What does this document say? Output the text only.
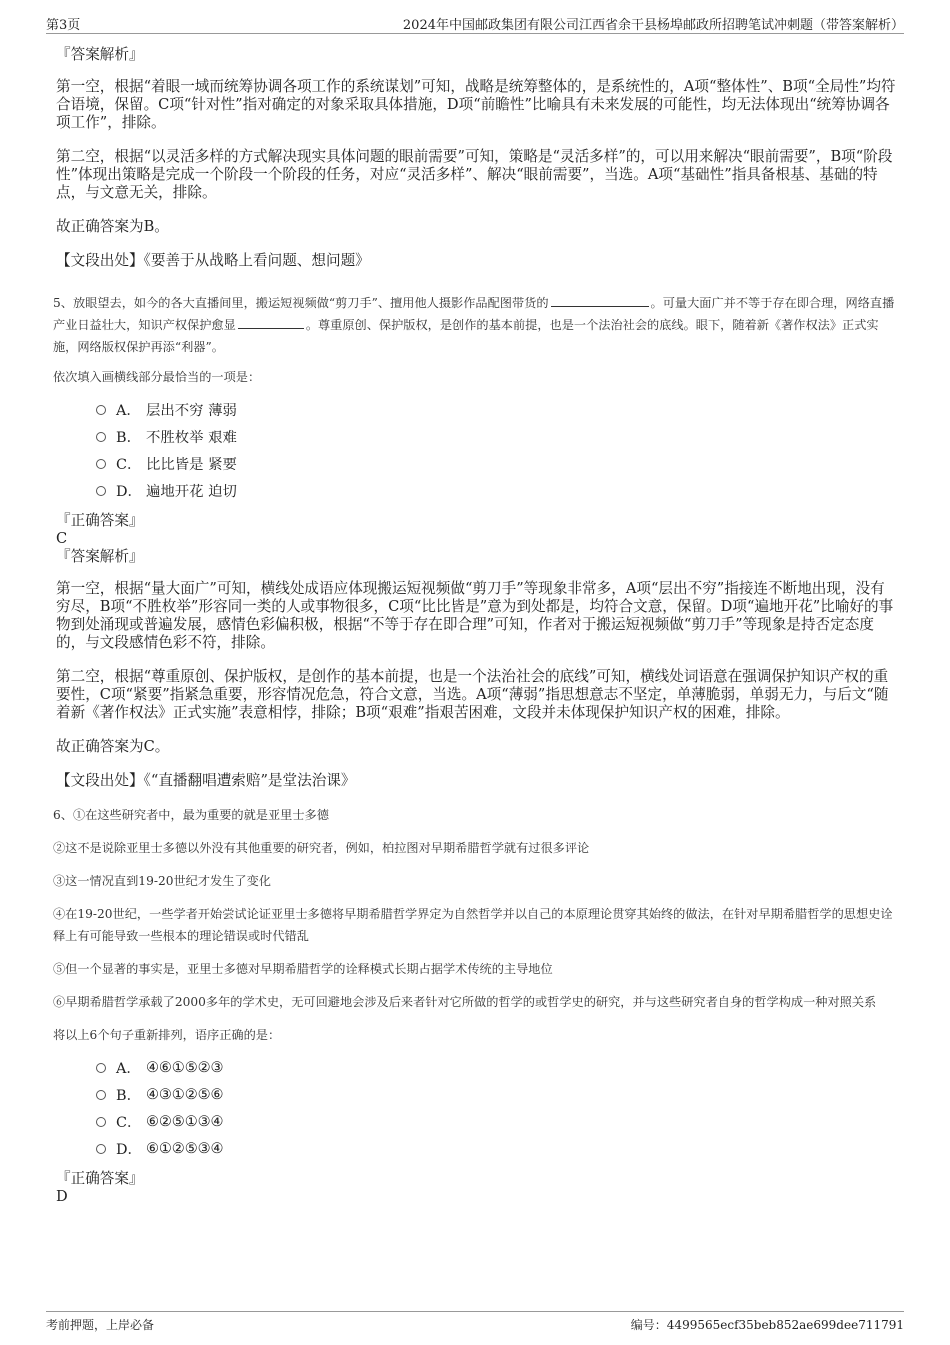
第3页	2024年中国邮政集团有限公司江西省余干县杨埠邮政所招聘笔试冲刺题（带答案解析）
『答案解析』

第一空，根据“着眼一域而统筹协调各项工作的系统谋划”可知，战略是统筹整体的，是系统性的，A项“整体性”、B项“全局性”均符合语境，保留。C项“针对性”指对确定的对象采取具体措施，D项“前瞻性”比喻具有未来发展的可能性，均无法体现出“统筹协调各项工作”，排除。

第二空，根据“以灵活多样的方式解决现实具体问题的眼前需要”可知，策略是“灵活多样”的，可以用来解决“眼前需要”，B项“阶段性”体现出策略是完成一个阶段一个阶段的任务，对应“灵活多样”、解决“眼前需要”，当选。A项“基础性”指具备根基、基础的特点，与文意无关，排除。

故正确答案为B。

【文段出处】《要善于从战略上看问题、想问题》

5、放眼望去，如今的各大直播间里，搬运短视频做“剪刀手”、擅用他人摄影作品配图带货的	。可量大面广并不等于存在即合理，网络直播产业日益壮大，知识产权保护愈显	。尊重原创、保护版权，是创作的基本前提，也是一个法治社会的底线。眼下，随着新《著作权法》正式实施，网络版权保护再添“利器”。

依次填入画横线部分最恰当的一项是：

A． 层出不穷 薄弱
B． 不胜枚举 艰难
C． 比比皆是 紧要
D． 遍地开花 迫切
『正确答案』
C
『答案解析』

第一空，根据“量大面广”可知，横线处成语应体现搬运短视频做“剪刀手”等现象非常多，A项“层出不穷”指接连不断地出现，没有穷尽，B项“不胜枚举”形容同一类的人或事物很多，C项“比比皆是”意为到处都是，均符合文意，保留。D项“遍地开花”比喻好的事物到处涌现或普遍发展，感情色彩偏积极，根据“不等于存在即合理”可知，作者对于搬运短视频做“剪刀手”等现象是持否定态度的，与文段感情色彩不符，排除。

第二空，根据“尊重原创、保护版权，是创作的基本前提，也是一个法治社会的底线”可知，横线处词语意在强调保护知识产权的重要性，C项“紧要”指紧急重要，形容情况危急，符合文意，当选。A项“薄弱”指思想意志不坚定，单薄脆弱，单弱无力，与后文“随着新《著作权法》正式实施”表意相悖，排除；B项“艰难”指艰苦困难，文段并未体现保护知识产权的困难，排除。

故正确答案为C。

【文段出处】《“直播翻唱遭索赔”是堂法治课》

6、①在这些研究者中，最为重要的就是亚里士多德

②这不是说除亚里士多德以外没有其他重要的研究者，例如，柏拉图对早期希腊哲学就有过很多评论

③这一情况直到19-20世纪才发生了变化

④在19-20世纪，一些学者开始尝试论证亚里士多德将早期希腊哲学界定为自然哲学并以自己的本原理论贯穿其始终的做法，在针对早期希腊哲学的思想史诠释上有可能导致一些根本的理论错误或时代错乱

⑤但一个显著的事实是，亚里士多德对早期希腊哲学的诠释模式长期占据学术传统的主导地位

⑥早期希腊哲学承载了2000多年的学术史，无可回避地会涉及后来者针对它所做的哲学的或哲学史的研究，并与这些研究者自身的哲学构成一种对照关系

将以上6个句子重新排列，语序正确的是：

A． ④⑥①⑤②③
B． ④③①②⑤⑥
C． ⑥②⑤①③④
D． ⑥①②⑤③④
『正确答案』
D
考前押题，上岸必备	编号：4499565ecf35beb852ae699dee711791
